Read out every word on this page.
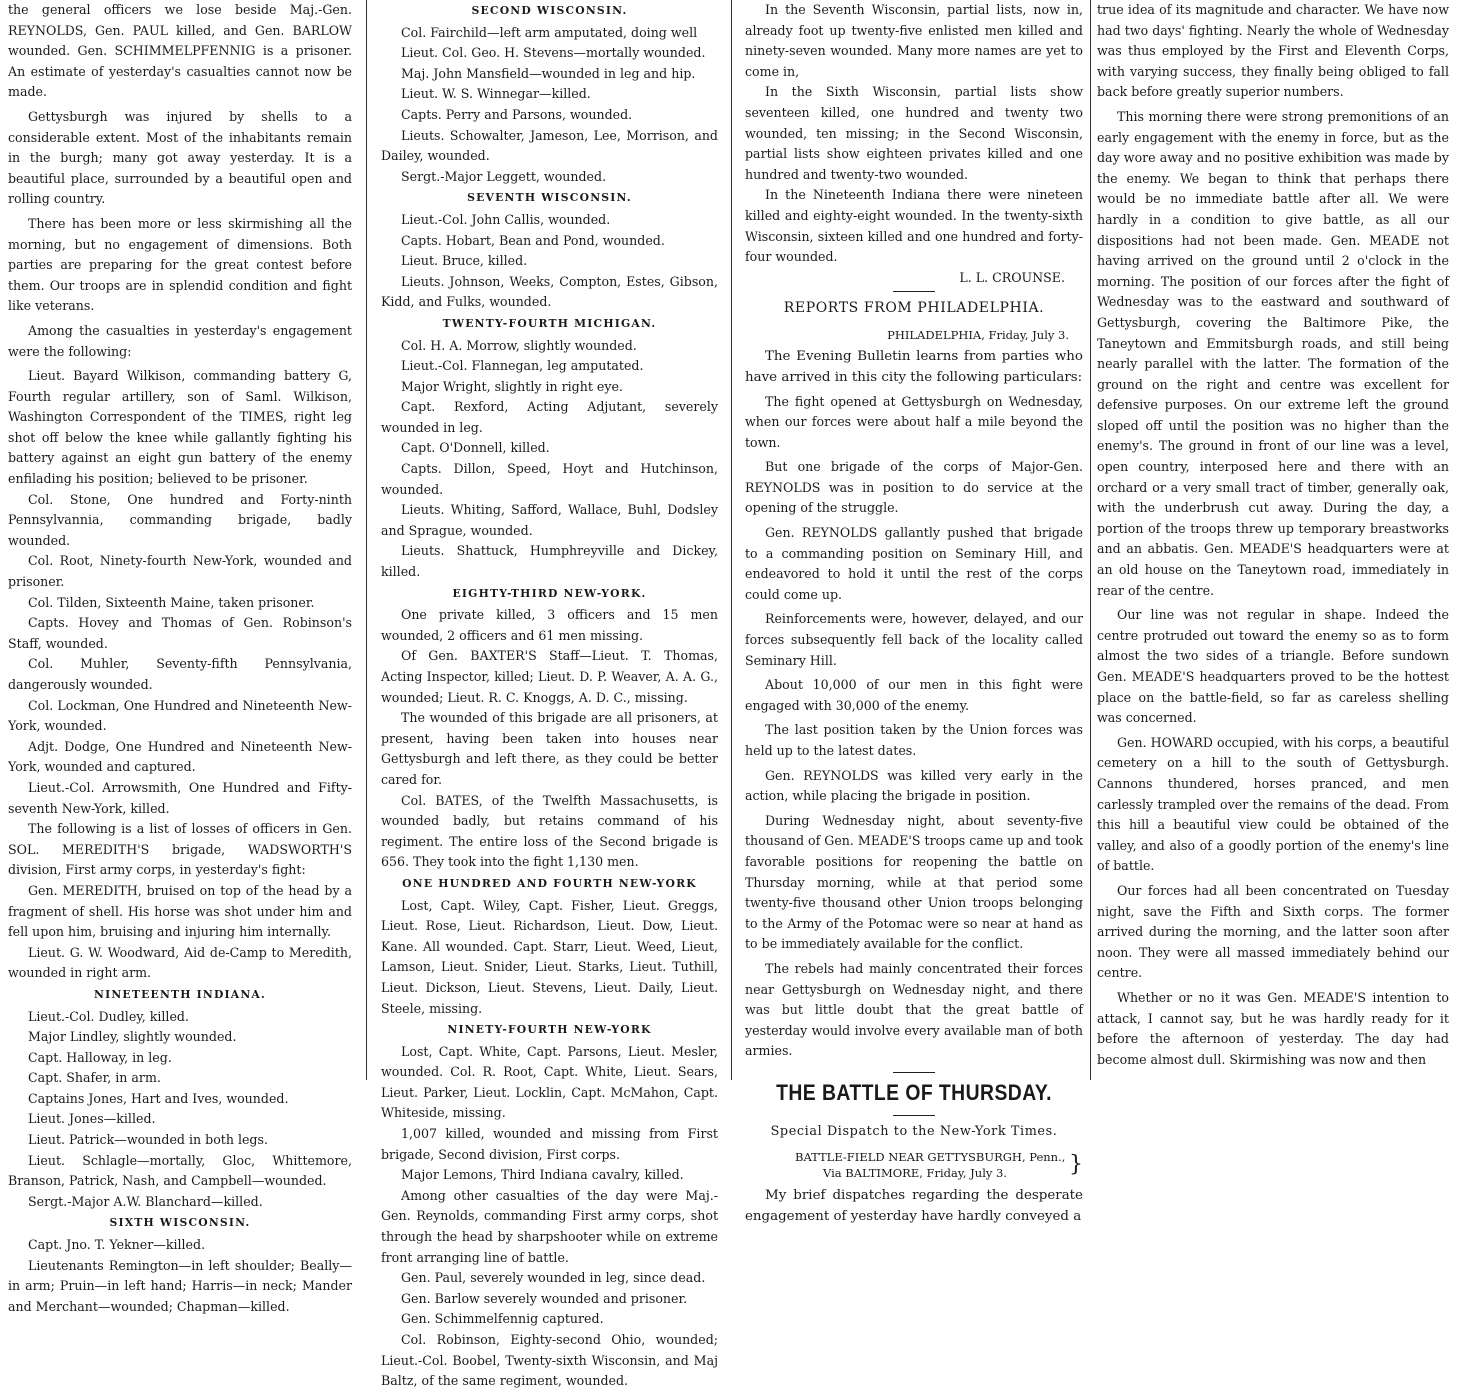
the general officers we lose beside Maj.-Gen. REYNOLDS, Gen. PAUL killed, and Gen. BARLOW wounded. Gen. SCHIMMELPFENNIG is a prisoner. An estimate of yesterday's casualties cannot now be made.

Gettysburgh was injured by shells to a considerable extent. Most of the inhabitants remain in the burgh; many got away yesterday. It is a beautiful place, surrounded by a beautiful open and rolling country.

There has been more or less skirmishing all the morning, but no engagement of dimensions. Both parties are preparing for the great contest before them. Our troops are in splendid condition and fight like veterans.

Among the casualties in yesterday's engagement were the following:

Lieut. Bayard Wilkison, commanding battery G, Fourth regular artillery, son of Saml. Wilkison, Washington Correspondent of the TIMES, right leg shot off below the knee while gallantly fighting his battery against an eight gun battery of the enemy enfilading his position; believed to be prisoner.

Col. Stone, One hundred and Forty-ninth Pennsylvannia, commanding brigade, badly wounded.

Col. Root, Ninety-fourth New-York, wounded and prisoner.

Col. Tilden, Sixteenth Maine, taken prisoner.

Capts. Hovey and Thomas of Gen. Robinson's Staff, wounded.

Col. Muhler, Seventy-fifth Pennsylvania, dangerously wounded.

Col. Lockman, One Hundred and Nineteenth New-York, wounded.

Adjt. Dodge, One Hundred and Nineteenth New-York, wounded and captured.

Lieut.-Col. Arrowsmith, One Hundred and Fifty-seventh New-York, killed.

The following is a list of losses of officers in Gen. SOL. MEREDITH'S brigade, WADSWORTH'S division, First army corps, in yesterday's fight:

Gen. MEREDITH, bruised on top of the head by a fragment of shell. His horse was shot under him and fell upon him, bruising and injuring him internally.

Lieut. G. W. Woodward, Aid de-Camp to Meredith, wounded in right arm.

NINETEENTH INDIANA.

Lieut.-Col. Dudley, killed.

Major Lindley, slightly wounded.

Capt. Halloway, in leg.

Capt. Shafer, in arm.

Captains Jones, Hart and Ives, wounded.

Lieut. Jones—killed.

Lieut. Patrick—wounded in both legs.

Lieut. Schlagle—mortally, Gloc, Whittemore, Branson, Patrick, Nash, and Campbell—wounded.

Sergt.-Major A.W. Blanchard—killed.

SIXTH WISCONSIN.

Capt. Jno. T. Yekner—killed.

Lieutenants Remington—in left shoulder; Beally—in arm; Pruin—in left hand; Harris—in neck; Mander and Merchant—wounded; Chapman—killed.

SECOND WISCONSIN.

Col. Fairchild—left arm amputated, doing well

Lieut. Col. Geo. H. Stevens—mortally wounded.

Maj. John Mansfield—wounded in leg and hip.

Lieut. W. S. Winnegar—killed.

Capts. Perry and Parsons, wounded.

Lieuts. Schowalter, Jameson, Lee, Morrison, and Dailey, wounded.

Sergt.-Major Leggett, wounded.

SEVENTH WISCONSIN.

Lieut.-Col. John Callis, wounded.

Capts. Hobart, Bean and Pond, wounded.

Lieut. Bruce, killed.

Lieuts. Johnson, Weeks, Compton, Estes, Gibson, Kidd, and Fulks, wounded.

TWENTY-FOURTH MICHIGAN.

Col. H. A. Morrow, slightly wounded.

Lieut.-Col. Flannegan, leg amputated.

Major Wright, slightly in right eye.

Capt. Rexford, Acting Adjutant, severely wounded in leg.

Capt. O'Donnell, killed.

Capts. Dillon, Speed, Hoyt and Hutchinson, wounded.

Lieuts. Whiting, Safford, Wallace, Buhl, Dodsley and Sprague, wounded.

Lieuts. Shattuck, Humphreyville and Dickey, killed.

EIGHTY-THIRD NEW-YORK.

One private killed, 3 officers and 15 men wounded, 2 officers and 61 men missing.

Of Gen. BAXTER'S Staff—Lieut. T. Thomas, Acting Inspector, killed; Lieut. D. P. Weaver, A. A. G., wounded; Lieut. R. C. Knoggs, A. D. C., missing.

The wounded of this brigade are all prisoners, at present, having been taken into houses near Gettysburgh and left there, as they could be better cared for.

Col. BATES, of the Twelfth Massachusetts, is wounded badly, but retains command of his regiment. The entire loss of the Second brigade is 656. They took into the fight 1,130 men.

ONE HUNDRED AND FOURTH NEW-YORK

Lost, Capt. Wiley, Capt. Fisher, Lieut. Greggs, Lieut. Rose, Lieut. Richardson, Lieut. Dow, Lieut. Kane. All wounded. Capt. Starr, Lieut. Weed, Lieut, Lamson, Lieut. Snider, Lieut. Starks, Lieut. Tuthill, Lieut. Dickson, Lieut. Stevens, Lieut. Daily, Lieut. Steele, missing.

NINETY-FOURTH NEW-YORK

Lost, Capt. White, Capt. Parsons, Lieut. Mesler, wounded. Col. R. Root, Capt. White, Lieut. Sears, Lieut. Parker, Lieut. Locklin, Capt. McMahon, Capt. Whiteside, missing.

1,007 killed, wounded and missing from First brigade, Second division, First corps.

Major Lemons, Third Indiana cavalry, killed.

Among other casualties of the day were Maj.-Gen. Reynolds, commanding First army corps, shot through the head by sharpshooter while on extreme front arranging line of battle.

Gen. Paul, severely wounded in leg, since dead.

Gen. Barlow severely wounded and prisoner.

Gen. Schimmelfennig captured.

Col. Robinson, Eighty-second Ohio, wounded; Lieut.-Col. Boobel, Twenty-sixth Wisconsin, and Maj Baltz, of the same regiment, wounded.

In the Seventh Wisconsin, partial lists, now in, already foot up twenty-five enlisted men killed and ninety-seven wounded. Many more names are yet to come in,

In the Sixth Wisconsin, partial lists show seventeen killed, one hundred and twenty two wounded, ten missing; in the Second Wisconsin, partial lists show eighteen privates killed and one hundred and twenty-two wounded.

In the Nineteenth Indiana there were nineteen killed and eighty-eight wounded. In the twenty-sixth Wisconsin, sixteen killed and one hundred and forty-four wounded.

L. L. CROUNSE.

REPORTS FROM PHILADELPHIA.

PHILADELPHIA, Friday, July 3.

The Evening Bulletin learns from parties who have arrived in this city the following particulars:

The fight opened at Gettysburgh on Wednesday, when our forces were about half a mile beyond the town.

But one brigade of the corps of Major-Gen. REYNOLDS was in position to do service at the opening of the struggle.

Gen. REYNOLDS gallantly pushed that brigade to a commanding position on Seminary Hill, and endeavored to hold it until the rest of the corps could come up.

Reinforcements were, however, delayed, and our forces subsequently fell back of the locality called Seminary Hill.

About 10,000 of our men in this fight were engaged with 30,000 of the enemy.

The last position taken by the Union forces was held up to the latest dates.

Gen. REYNOLDS was killed very early in the action, while placing the brigade in position.

During Wednesday night, about seventy-five thousand of Gen. MEADE'S troops came up and took favorable positions for reopening the battle on Thursday morning, while at that period some twenty-five thousand other Union troops belonging to the Army of the Potomac were so near at hand as to be immediately available for the conflict.

The rebels had mainly concentrated their forces near Gettysburgh on Wednesday night, and there was but little doubt that the great battle of yesterday would involve every available man of both armies.

THE BATTLE OF THURSDAY.

Special Dispatch to the New-York Times.

BATTLE-FIELD NEAR GETTYSBURGH, Penn.,
Via BALTIMORE, Friday, July 3.	}

My brief dispatches regarding the desperate engagement of yesterday have hardly conveyed a

true idea of its magnitude and character. We have now had two days' fighting. Nearly the whole of Wednesday was thus employed by the First and Eleventh Corps, with varying success, they finally being obliged to fall back before greatly superior numbers.

This morning there were strong premonitions of an early engagement with the enemy in force, but as the day wore away and no positive exhibition was made by the enemy. We began to think that perhaps there would be no immediate battle after all. We were hardly in a condition to give battle, as all our dispositions had not been made. Gen. MEADE not having arrived on the ground until 2 o'clock in the morning. The position of our forces after the fight of Wednesday was to the eastward and southward of Gettysburgh, covering the Baltimore Pike, the Taneytown and Emmitsburgh roads, and still being nearly parallel with the latter. The formation of the ground on the right and centre was excellent for defensive purposes. On our extreme left the ground sloped off until the position was no higher than the enemy's. The ground in front of our line was a level, open country, interposed here and there with an orchard or a very small tract of timber, generally oak, with the underbrush cut away. During the day, a portion of the troops threw up temporary breastworks and an abbatis. Gen. MEADE'S headquarters were at an old house on the Taneytown road, immediately in rear of the centre.

Our line was not regular in shape. Indeed the centre protruded out toward the enemy so as to form almost the two sides of a triangle. Before sundown Gen. MEADE'S headquarters proved to be the hottest place on the battle-field, so far as careless shelling was concerned.

Gen. HOWARD occupied, with his corps, a beautiful cemetery on a hill to the south of Gettysburgh. Cannons thundered, horses pranced, and men carlessly trampled over the remains of the dead. From this hill a beautiful view could be obtained of the valley, and also of a goodly portion of the enemy's line of battle.

Our forces had all been concentrated on Tuesday night, save the Fifth and Sixth corps. The former arrived during the morning, and the latter soon after noon. They were all massed immediately behind our centre.

Whether or no it was Gen. MEADE'S intention to attack, I cannot say, but he was hardly ready for it before the afternoon of yesterday. The day had become almost dull. Skirmishing was now and then
